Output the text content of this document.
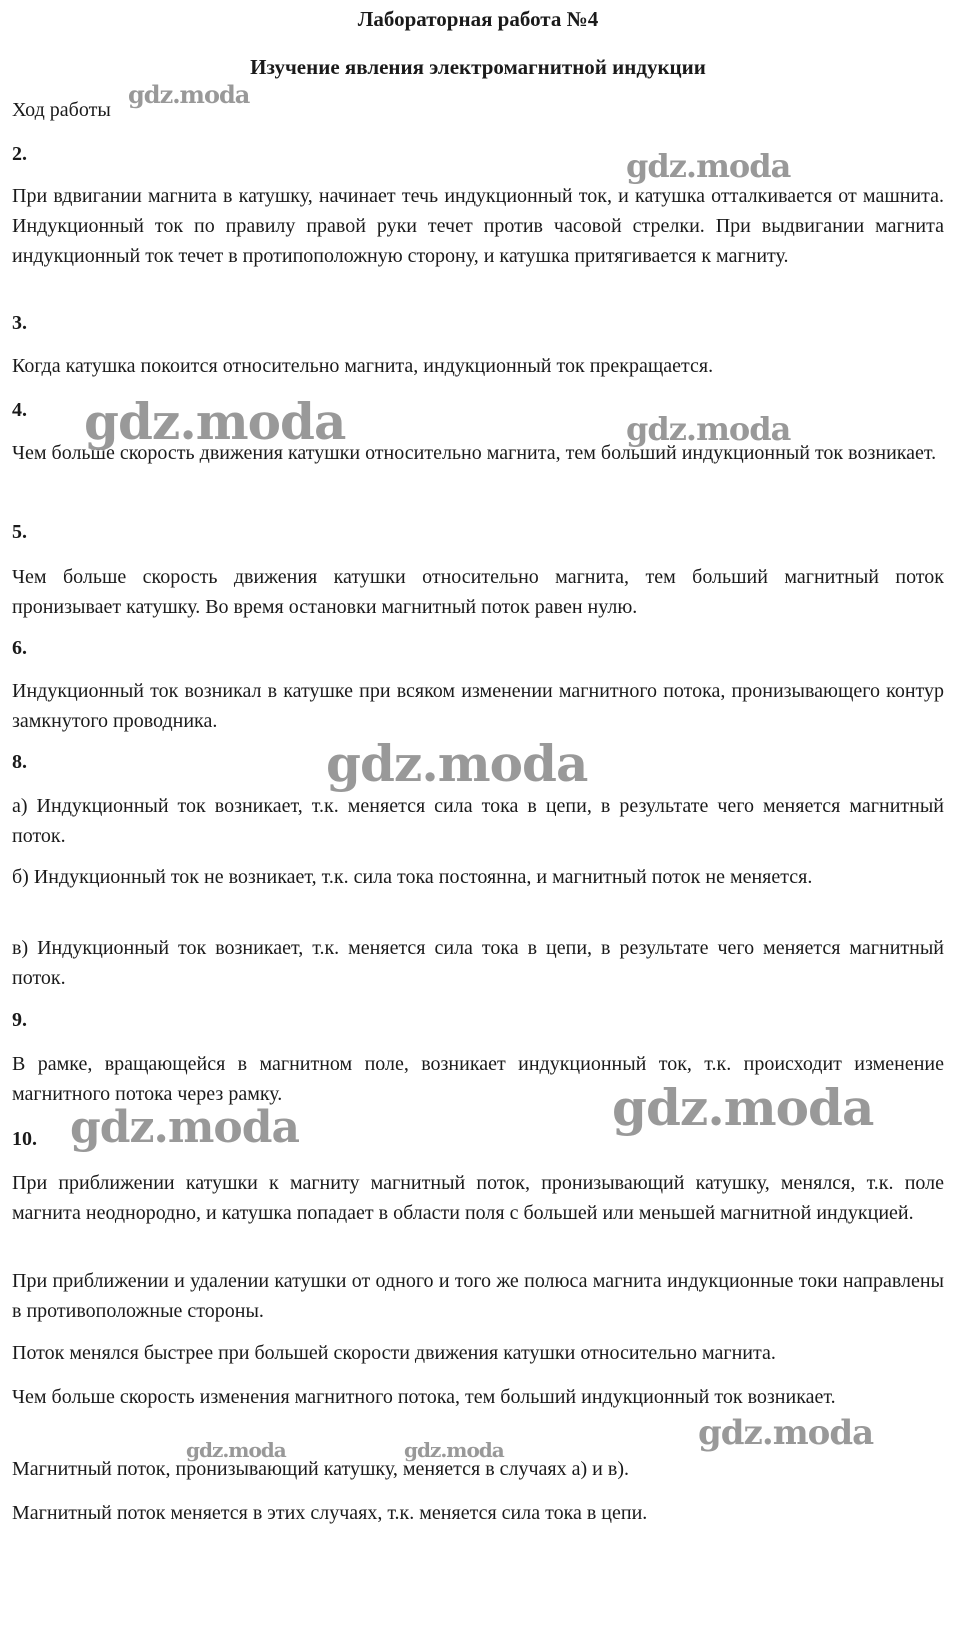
Лабораторная работа №4
Изучение явления электромагнитной индукции
Ход работы
2.
При вдвигании магнита в катушку, начинает течь индукционный ток, и катушка отталкивается от машнита. Индукционный ток по правилу правой руки течет против часовой стрелки. При выдвигании магнита индукционный ток течет в протипоположную сторону, и катушка притягивается к магниту.
3.
Когда катушка покоится относительно магнита, индукционный ток прекращается.
4.
Чем больше скорость движения катушки относительно магнита, тем больший индукционный ток возникает.
5.
Чем больше скорость движения катушки относительно магнита, тем больший магнитный поток пронизывает катушку. Во время остановки магнитный поток равен нулю.
6.
Индукционный ток возникал в катушке при всяком изменении магнитного потока, пронизывающего контур замкнутого проводника.
8.
а) Индукционный ток возникает, т.к. меняется сила тока в цепи, в результате чего меняется магнитный поток.
б) Индукционный ток не возникает, т.к. сила тока постоянна, и магнитный поток не меняется.
в) Индукционный ток возникает, т.к. меняется сила тока в цепи, в результате чего меняется магнитный поток.
9.
В рамке, вращающейся в магнитном поле, возникает индукционный ток, т.к. происходит изменение магнитного потока через рамку.
10.
При приближении катушки к магниту магнитный поток, пронизывающий катушку, менялся, т.к. поле магнита неоднородно, и катушка попадает в области поля с большей или меньшей магнитной индукцией.
При приближении и удалении катушки от одного и того же полюса магнита индукционные токи направлены в противоположные стороны.
Поток менялся быстрее при большей скорости движения катушки относительно магнита.
Чем больше скорость изменения магнитного потока, тем больший индукционный ток возникает.
Магнитный поток, пронизывающий катушку, меняется в случаях а) и в).
Магнитный поток меняется в этих случаях, т.к. меняется сила тока в цепи.
gdz.moda
gdz.moda
gdz.moda	gdz.moda
gdz.moda
gdz.moda
gdz.moda
gdz.moda
gdz.moda	gdz.moda
